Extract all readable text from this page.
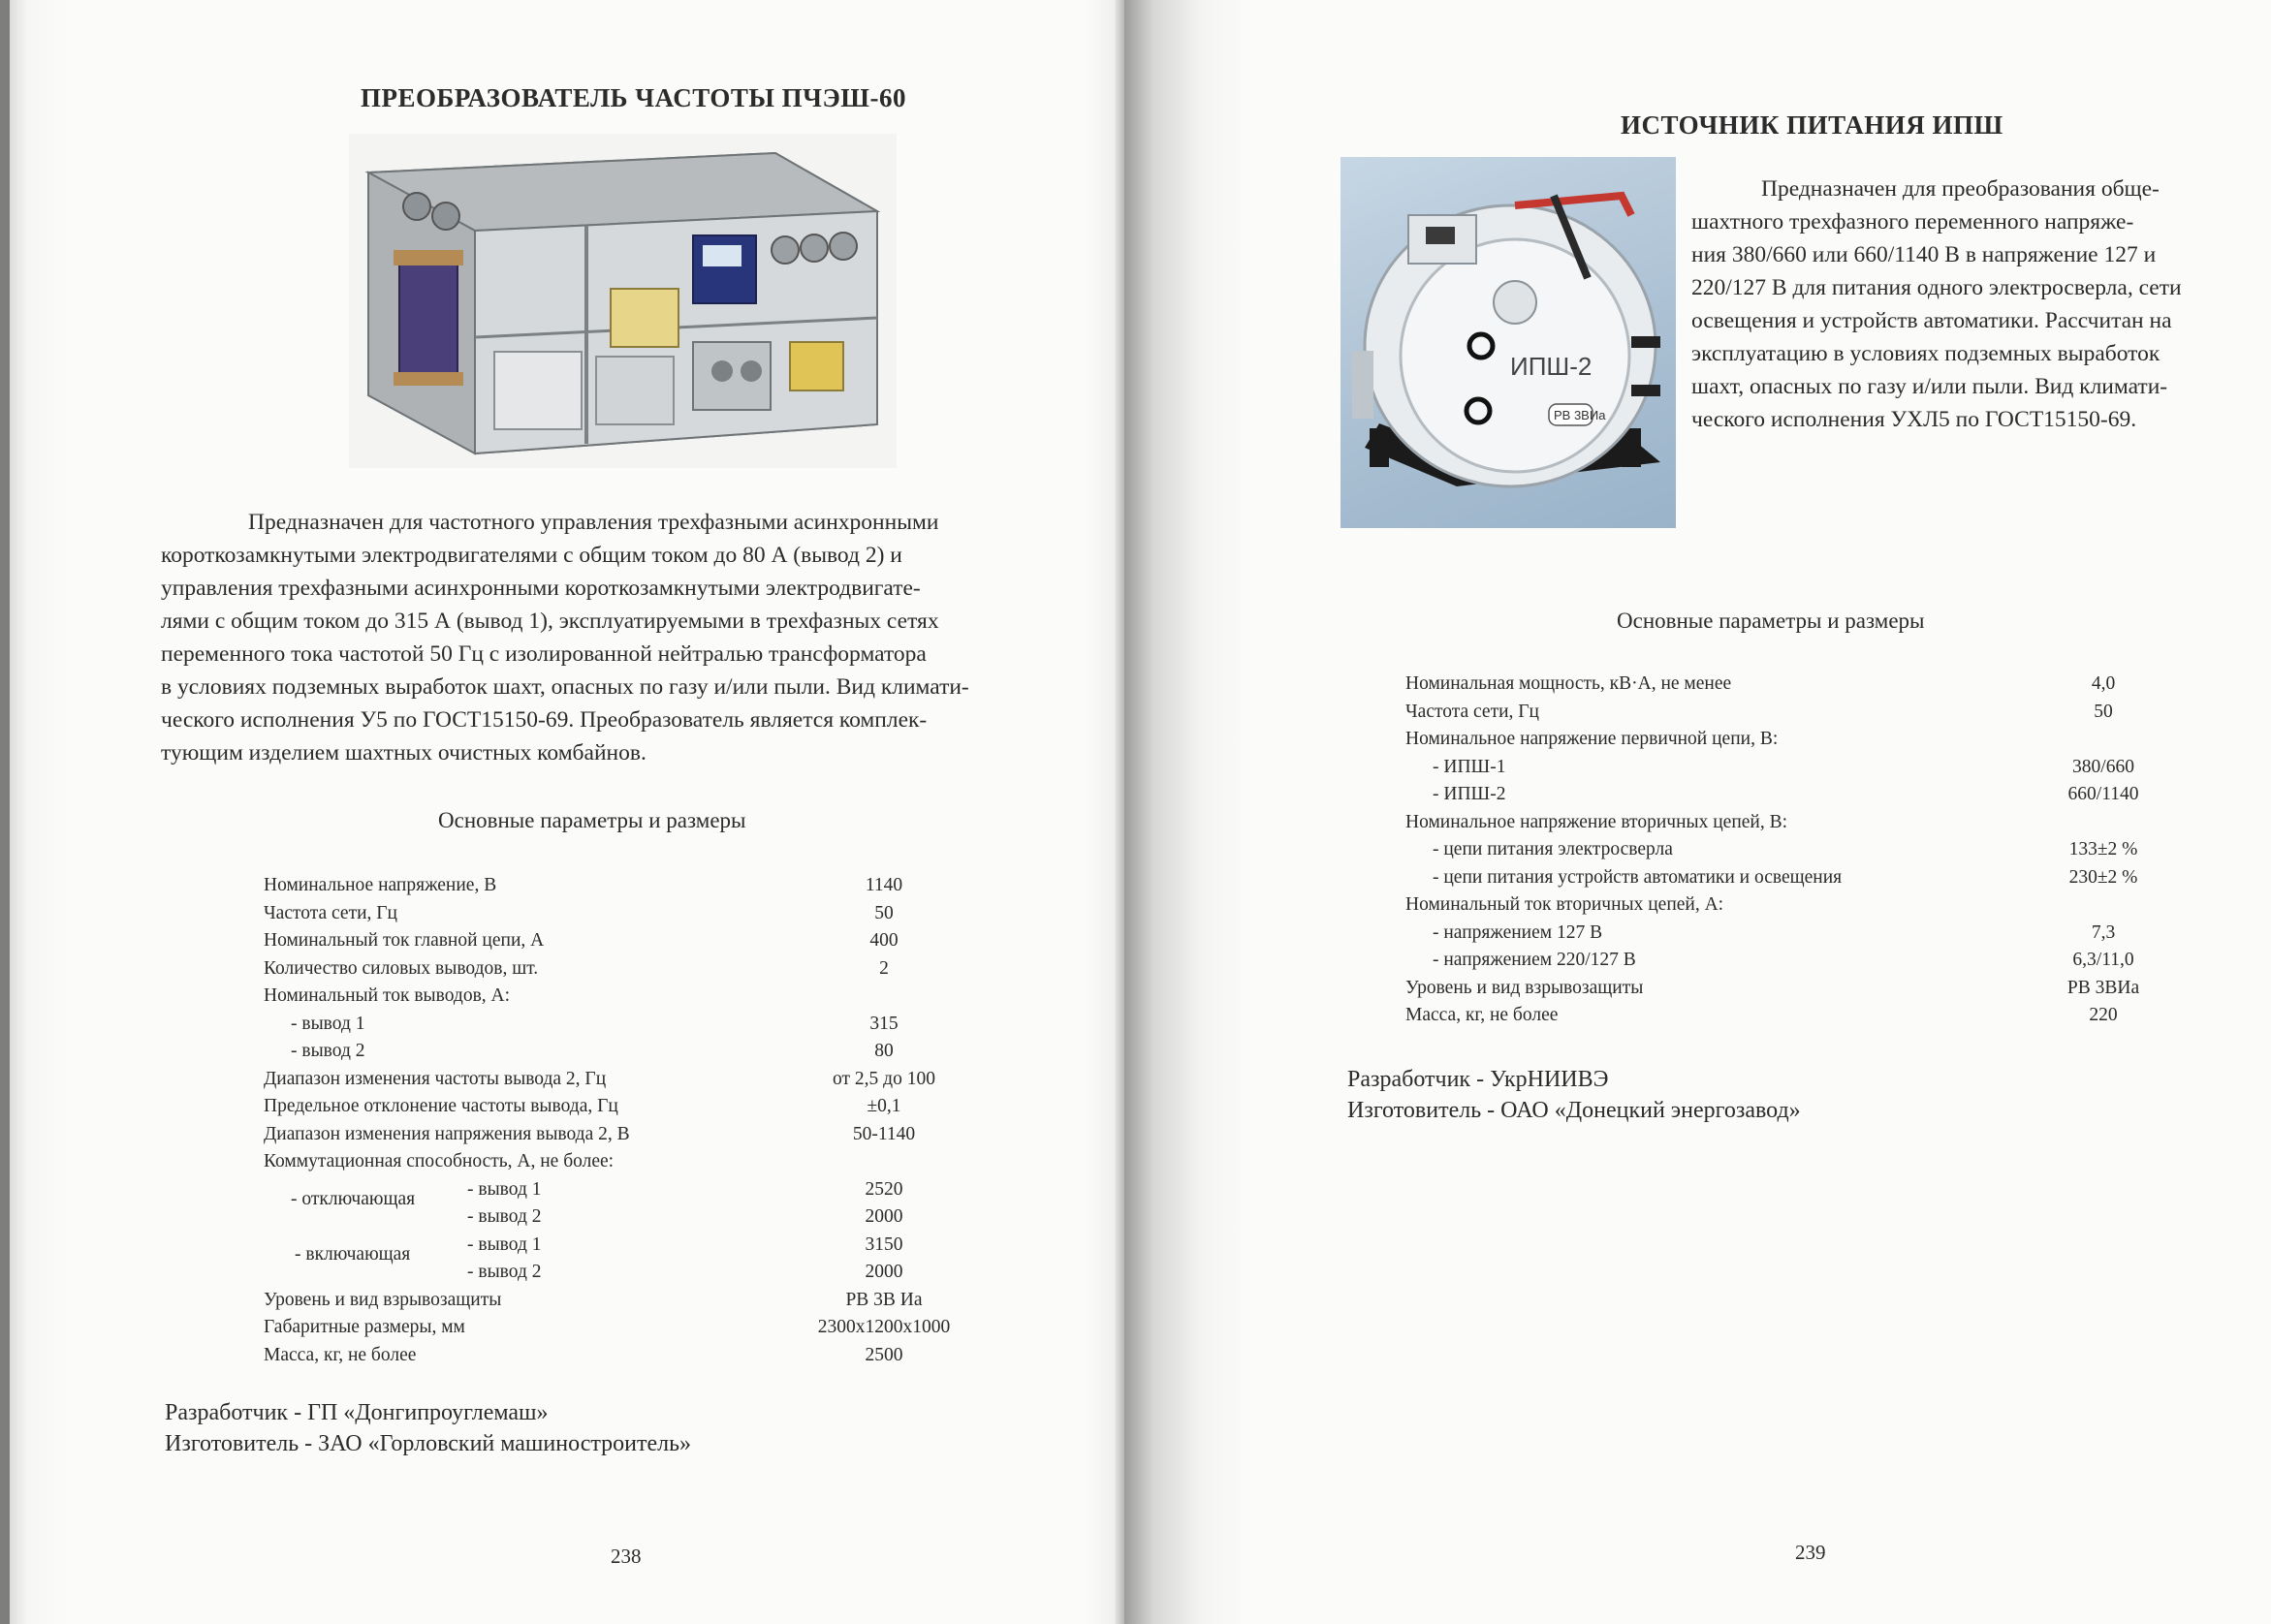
ПРЕОБРАЗОВАТЕЛЬ ЧАСТОТЫ ПЧЭШ-60
Предназначен для частотного управления трехфазными асинхронными
короткозамкнутыми электродвигателями с общим током до 80 А (вывод 2) и
управления трехфазными асинхронными короткозамкнутыми электродвигате-
лями с общим током до 315 А (вывод 1), эксплуатируемыми в трехфазных сетях
переменного тока частотой 50 Гц с изолированной нейтралью трансформатора
в условиях подземных выработок шахт, опасных по газу и/или пыли. Вид климати-
ческого исполнения У5 по ГОСТ15150-69. Преобразователь является комплек-
тующим изделием шахтных очистных комбайнов.
Основные параметры и размеры
Номинальное напряжение, В	1140
Частота сети, Гц	50
Номинальный ток главной цепи, А	400
Количество силовых выводов, шт.	2
Номинальный ток выводов, А:
- вывод 1	315
- вывод 2	80
Диапазон изменения частоты вывода 2, Гц	от 2,5 до 100
Предельное отклонение частоты вывода, Гц	±0,1
Диапазон изменения напряжения вывода 2, В	50-1140
Коммутационная способность, А, не более:
- отключающая	- вывод 1	2520
- вывод 2	2000
- включающая	- вывод 1	3150
- вывод 2	2000
Уровень и вид взрывозащиты	РВ 3В Иа
Габаритные размеры, мм	2300х1200х1000
Масса, кг, не более	2500
Разработчик - ГП «Донгипроуглемаш»
Изготовитель - ЗАО «Горловский машиностроитель»
238
ИСТОЧНИК ПИТАНИЯ ИПШ
РВ 3ВИа
ИПШ-2
Предназначен для преобразования обще-
шахтного трехфазного переменного напряже-
ния 380/660 или 660/1140 В в напряжение 127 и
220/127 В для питания одного электросверла, сети
освещения и устройств автоматики. Рассчитан на
эксплуатацию в условиях подземных выработок
шахт, опасных по газу и/или пыли. Вид климати-
ческого исполнения УХЛ5 по ГОСТ15150-69.
Основные параметры и размеры
Номинальная мощность, кВ·А, не менее	4,0
Частота сети, Гц	50
Номинальное напряжение первичной цепи, В:
- ИПШ-1	380/660
- ИПШ-2	660/1140
Номинальное напряжение вторичных цепей, В:
- цепи питания электросверла	133±2 %
- цепи питания устройств автоматики и освещения	230±2 %
Номинальный ток вторичных цепей, А:
- напряжением 127 В	7,3
- напряжением 220/127 В	6,3/11,0
Уровень и вид взрывозащиты	РВ 3ВИа
Масса, кг, не более	220
Разработчик - УкрНИИВЭ
Изготовитель - ОАО «Донецкий энергозавод»
239
